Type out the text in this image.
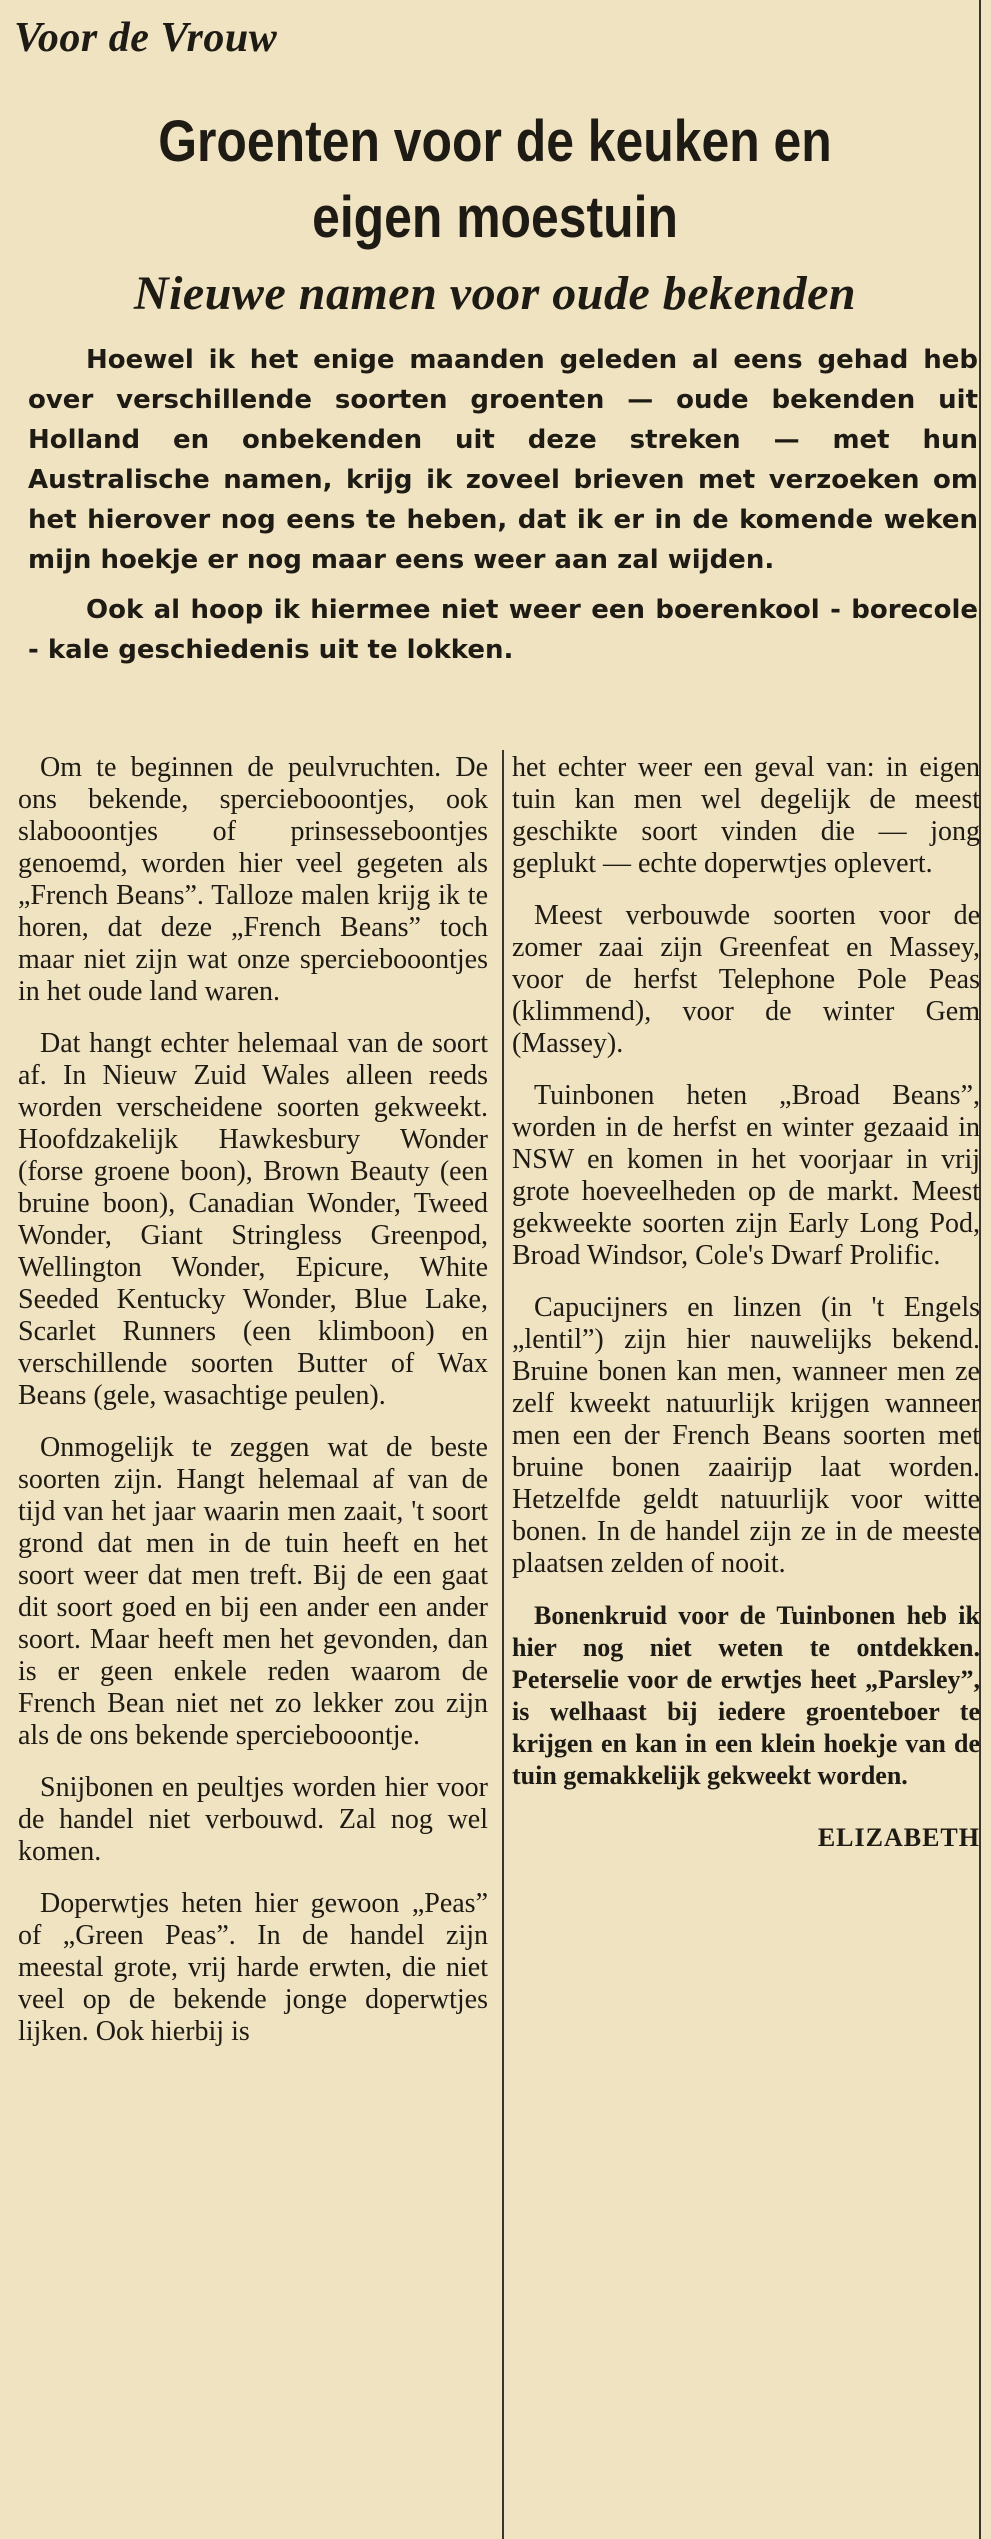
Voor de Vrouw
Groenten voor de keuken en eigen moestuin
Nieuwe namen voor oude bekenden

Hoewel ik het enige maanden geleden al eens gehad heb over verschillende soorten groenten — oude bekenden uit Holland en onbekenden uit deze streken — met hun Australische namen, krijg ik zoveel brieven met verzoeken om het hierover nog eens te heben, dat ik er in de komende weken mijn hoekje er nog maar eens weer aan zal wijden.

Ook al hoop ik hiermee niet weer een boerenkool - borecole - kale geschiedenis uit te lokken.

Om te beginnen de peulvruchten. De ons bekende, sperciebooontjes, ook slabooontjes of prinsesseboontjes genoemd, worden hier veel gegeten als „French Beans”. Talloze malen krijg ik te horen, dat deze „French Beans” toch maar niet zijn wat onze sperciebooontjes in het oude land waren.

Dat hangt echter helemaal van de soort af. In Nieuw Zuid Wales alleen reeds worden verscheidene soorten gekweekt. Hoofdzakelijk Hawkesbury Wonder (forse groene boon), Brown Beauty (een bruine boon), Canadian Wonder, Tweed Wonder, Giant Stringless Greenpod, Wellington Wonder, Epicure, White Seeded Kentucky Wonder, Blue Lake, Scarlet Runners (een klimboon) en verschillende soorten Butter of Wax Beans (gele, wasachtige peulen).

Onmogelijk te zeggen wat de beste soorten zijn. Hangt helemaal af van de tijd van het jaar waarin men zaait, 't soort grond dat men in de tuin heeft en het soort weer dat men treft. Bij de een gaat dit soort goed en bij een ander een ander soort. Maar heeft men het gevonden, dan is er geen enkele reden waarom de French Bean niet net zo lekker zou zijn als de ons bekende sperciebooontje.

Snijbonen en peultjes worden hier voor de handel niet verbouwd. Zal nog wel komen.

Doperwtjes heten hier gewoon „Peas” of „Green Peas”. In de handel zijn meestal grote, vrij harde erwten, die niet veel op de bekende jonge doperwtjes lijken. Ook hierbij is

het echter weer een geval van: in eigen tuin kan men wel degelijk de meest geschikte soort vinden die — jong geplukt — echte doperwtjes oplevert.

Meest verbouwde soorten voor de zomer zaai zijn Greenfeat en Massey, voor de herfst Telephone Pole Peas (klimmend), voor de winter Gem (Massey).

Tuinbonen heten „Broad Beans”, worden in de herfst en winter gezaaid in NSW en komen in het voorjaar in vrij grote hoeveelheden op de markt. Meest gekweekte soorten zijn Early Long Pod, Broad Windsor, Cole's Dwarf Prolific.

Capucijners en linzen (in 't Engels „lentil”) zijn hier nauwelijks bekend. Bruine bonen kan men, wanneer men ze zelf kweekt natuurlijk krijgen wanneer men een der French Beans soorten met bruine bonen zaairijp laat worden. Hetzelfde geldt natuurlijk voor witte bonen. In de handel zijn ze in de meeste plaatsen zelden of nooit.

Bonenkruid voor de Tuinbonen heb ik hier nog niet weten te ontdekken. Peterselie voor de erwtjes heet „Parsley”, is welhaast bij iedere groenteboer te krijgen en kan in een klein hoekje van de tuin gemakkelijk gekweekt worden.

ELIZABETH
